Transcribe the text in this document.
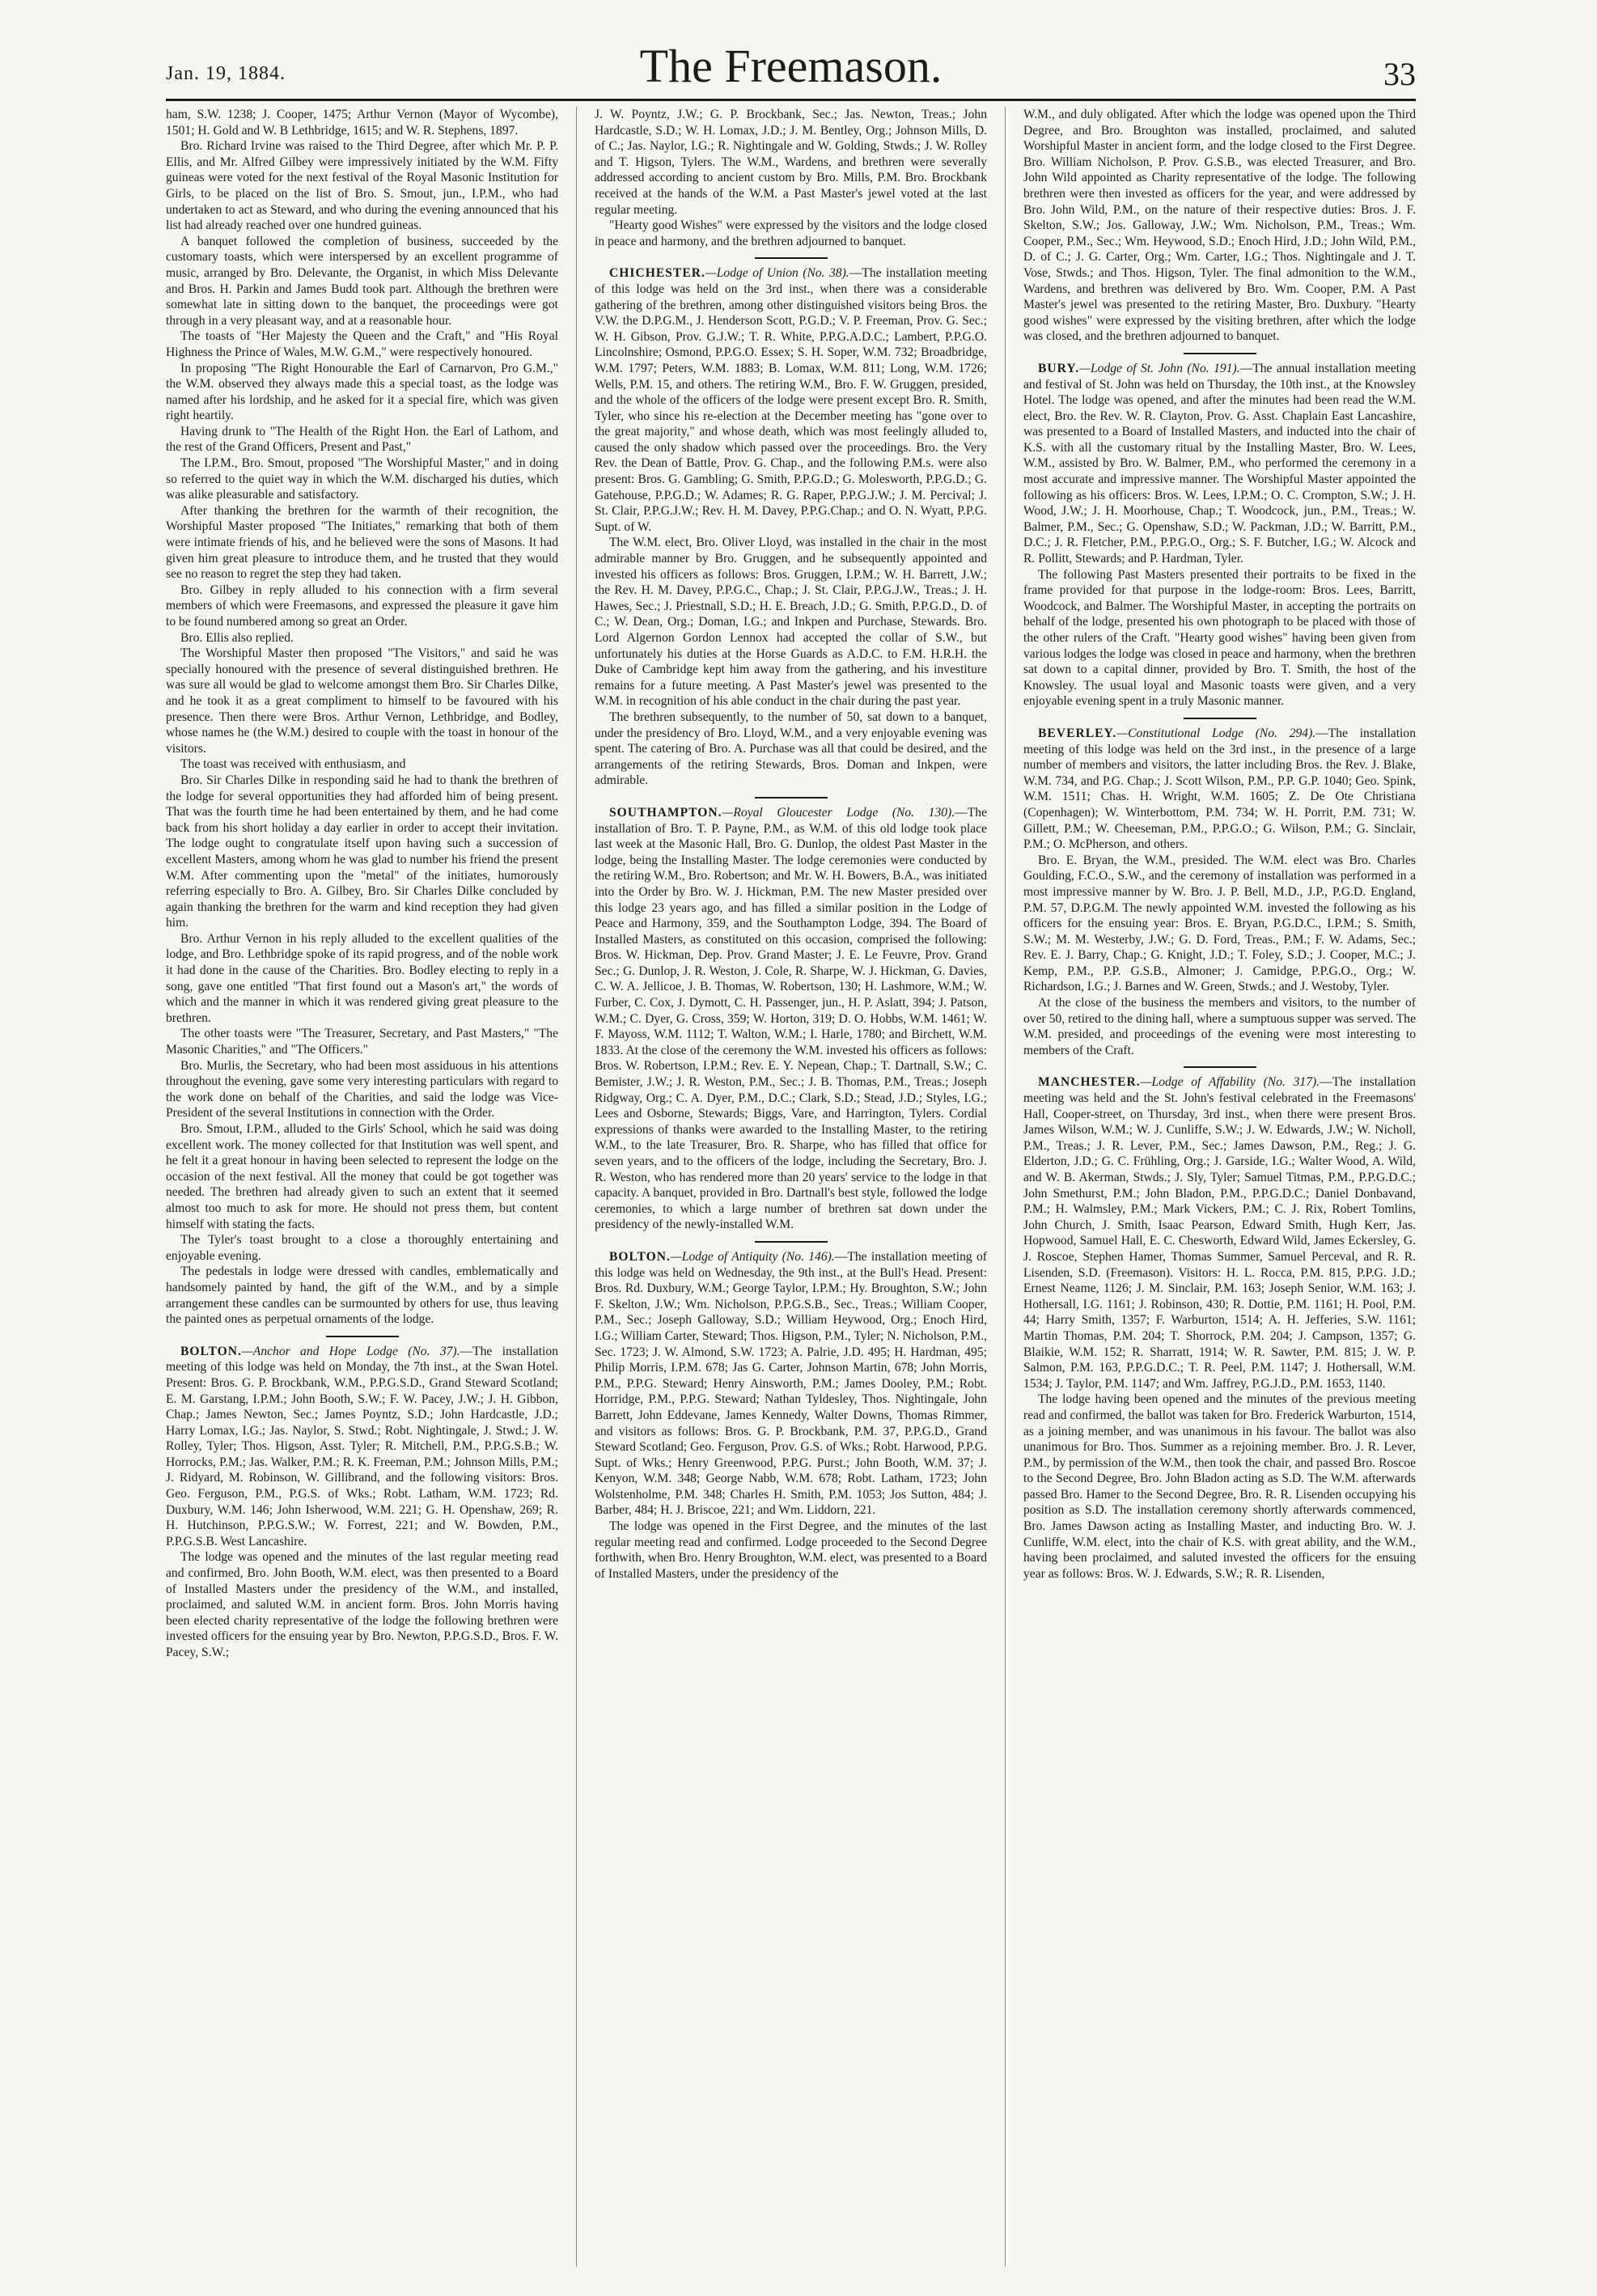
Jan. 19, 1884.	The Freemason.	33

ham, S.W. 1238; J. Cooper, 1475; Arthur Vernon (Mayor of Wycombe), 1501; H. Gold and W. B Lethbridge, 1615; and W. R. Stephens, 1897.

Bro. Richard Irvine was raised to the Third Degree, after which Mr. P. P. Ellis, and Mr. Alfred Gilbey were impressively initiated by the W.M. Fifty guineas were voted for the next festival of the Royal Masonic Institution for Girls, to be placed on the list of Bro. S. Smout, jun., I.P.M., who had undertaken to act as Steward, and who during the evening announced that his list had already reached over one hundred guineas.

A banquet followed the completion of business, succeeded by the customary toasts, which were interspersed by an excellent programme of music, arranged by Bro. Delevante, the Organist, in which Miss Delevante and Bros. H. Parkin and James Budd took part. Although the brethren were somewhat late in sitting down to the banquet, the proceedings were got through in a very pleasant way, and at a reasonable hour.

The toasts of "Her Majesty the Queen and the Craft," and "His Royal Highness the Prince of Wales, M.W. G.M.," were respectively honoured.

In proposing "The Right Honourable the Earl of Carnarvon, Pro G.M.," the W.M. observed they always made this a special toast, as the lodge was named after his lordship, and he asked for it a special fire, which was given right heartily.

Having drunk to "The Health of the Right Hon. the Earl of Lathom, and the rest of the Grand Officers, Present and Past,"

The I.P.M., Bro. Smout, proposed "The Worshipful Master," and in doing so referred to the quiet way in which the W.M. discharged his duties, which was alike pleasurable and satisfactory.

After thanking the brethren for the warmth of their recognition, the Worshipful Master proposed "The Initiates," remarking that both of them were intimate friends of his, and he believed were the sons of Masons. It had given him great pleasure to introduce them, and he trusted that they would see no reason to regret the step they had taken.

Bro. Gilbey in reply alluded to his connection with a firm several members of which were Freemasons, and expressed the pleasure it gave him to be found numbered among so great an Order.

Bro. Ellis also replied.

The Worshipful Master then proposed "The Visitors," and said he was specially honoured with the presence of several distinguished brethren. He was sure all would be glad to welcome amongst them Bro. Sir Charles Dilke, and he took it as a great compliment to himself to be favoured with his presence. Then there were Bros. Arthur Vernon, Lethbridge, and Bodley, whose names he (the W.M.) desired to couple with the toast in honour of the visitors.

The toast was received with enthusiasm, and

Bro. Sir Charles Dilke in responding said he had to thank the brethren of the lodge for several opportunities they had afforded him of being present. That was the fourth time he had been entertained by them, and he had come back from his short holiday a day earlier in order to accept their invitation. The lodge ought to congratulate itself upon having such a succession of excellent Masters, among whom he was glad to number his friend the present W.M. After commenting upon the "metal" of the initiates, humorously referring especially to Bro. A. Gilbey, Bro. Sir Charles Dilke concluded by again thanking the brethren for the warm and kind reception they had given him.

Bro. Arthur Vernon in his reply alluded to the excellent qualities of the lodge, and Bro. Lethbridge spoke of its rapid progress, and of the noble work it had done in the cause of the Charities. Bro. Bodley electing to reply in a song, gave one entitled "That first found out a Mason's art," the words of which and the manner in which it was rendered giving great pleasure to the brethren.

The other toasts were "The Treasurer, Secretary, and Past Masters," "The Masonic Charities," and "The Officers."

Bro. Murlis, the Secretary, who had been most assiduous in his attentions throughout the evening, gave some very interesting particulars with regard to the work done on behalf of the Charities, and said the lodge was Vice-President of the several Institutions in connection with the Order.

Bro. Smout, I.P.M., alluded to the Girls' School, which he said was doing excellent work. The money collected for that Institution was well spent, and he felt it a great honour in having been selected to represent the lodge on the occasion of the next festival. All the money that could be got together was needed. The brethren had already given to such an extent that it seemed almost too much to ask for more. He should not press them, but content himself with stating the facts.

The Tyler's toast brought to a close a thoroughly entertaining and enjoyable evening.

The pedestals in lodge were dressed with candles, emblematically and handsomely painted by hand, the gift of the W.M., and by a simple arrangement these candles can be surmounted by others for use, thus leaving the painted ones as perpetual ornaments of the lodge.

BOLTON.—Anchor and Hope Lodge (No. 37).—The installation meeting of this lodge was held on Monday, the 7th inst., at the Swan Hotel. Present: Bros. G. P. Brockbank, W.M., P.P.G.S.D., Grand Steward Scotland; E. M. Garstang, I.P.M.; John Booth, S.W.; F. W. Pacey, J.W.; J. H. Gibbon, Chap.; James Newton, Sec.; James Poyntz, S.D.; John Hardcastle, J.D.; Harry Lomax, I.G.; Jas. Naylor, S. Stwd.; Robt. Nightingale, J. Stwd.; J. W. Rolley, Tyler; Thos. Higson, Asst. Tyler; R. Mitchell, P.M., P.P.G.S.B.; W. Horrocks, P.M.; Jas. Walker, P.M.; R. K. Freeman, P.M.; Johnson Mills, P.M.; J. Ridyard, M. Robinson, W. Gillibrand, and the following visitors: Bros. Geo. Ferguson, P.M., P.G.S. of Wks.; Robt. Latham, W.M. 1723; Rd. Duxbury, W.M. 146; John Isherwood, W.M. 221; G. H. Openshaw, 269; R. H. Hutchinson, P.P.G.S.W.; W. Forrest, 221; and W. Bowden, P.M., P.P.G.S.B. West Lancashire.

The lodge was opened and the minutes of the last regular meeting read and confirmed, Bro. John Booth, W.M. elect, was then presented to a Board of Installed Masters under the presidency of the W.M., and installed, proclaimed, and saluted W.M. in ancient form. Bros. John Morris having been elected charity representative of the lodge the following brethren were invested officers for the ensuing year by Bro. Newton, P.P.G.S.D., Bros. F. W. Pacey, S.W.;

J. W. Poyntz, J.W.; G. P. Brockbank, Sec.; Jas. Newton, Treas.; John Hardcastle, S.D.; W. H. Lomax, J.D.; J. M. Bentley, Org.; Johnson Mills, D. of C.; Jas. Naylor, I.G.; R. Nightingale and W. Golding, Stwds.; J. W. Rolley and T. Higson, Tylers. The W.M., Wardens, and brethren were severally addressed according to ancient custom by Bro. Mills, P.M. Bro. Brockbank received at the hands of the W.M. a Past Master's jewel voted at the last regular meeting.

"Hearty good Wishes" were expressed by the visitors and the lodge closed in peace and harmony, and the brethren adjourned to banquet.

CHICHESTER.—Lodge of Union (No. 38).—The installation meeting of this lodge was held on the 3rd inst., when there was a considerable gathering of the brethren, among other distinguished visitors being Bros. the V.W. the D.P.G.M., J. Henderson Scott, P.G.D.; V. P. Freeman, Prov. G. Sec.; W. H. Gibson, Prov. G.J.W.; T. R. White, P.P.G.A.D.C.; Lambert, P.P.G.O. Lincolnshire; Osmond, P.P.G.O. Essex; S. H. Soper, W.M. 732; Broadbridge, W.M. 1797; Peters, W.M. 1883; B. Lomax, W.M. 811; Long, W.M. 1726; Wells, P.M. 15, and others. The retiring W.M., Bro. F. W. Gruggen, presided, and the whole of the officers of the lodge were present except Bro. R. Smith, Tyler, who since his re-election at the December meeting has "gone over to the great majority," and whose death, which was most feelingly alluded to, caused the only shadow which passed over the proceedings. Bro. the Very Rev. the Dean of Battle, Prov. G. Chap., and the following P.M.s. were also present: Bros. G. Gambling; G. Smith, P.P.G.D.; G. Molesworth, P.P.G.D.; G. Gatehouse, P.P.G.D.; W. Adames; R. G. Raper, P.P.G.J.W.; J. M. Percival; J. St. Clair, P.P.G.J.W.; Rev. H. M. Davey, P.P.G.Chap.; and O. N. Wyatt, P.P.G. Supt. of W.

The W.M. elect, Bro. Oliver Lloyd, was installed in the chair in the most admirable manner by Bro. Gruggen, and he subsequently appointed and invested his officers as follows: Bros. Gruggen, I.P.M.; W. H. Barrett, J.W.; the Rev. H. M. Davey, P.P.G.C., Chap.; J. St. Clair, P.P.G.J.W., Treas.; J. H. Hawes, Sec.; J. Priestnall, S.D.; H. E. Breach, J.D.; G. Smith, P.P.G.D., D. of C.; W. Dean, Org.; Doman, I.G.; and Inkpen and Purchase, Stewards. Bro. Lord Algernon Gordon Lennox had accepted the collar of S.W., but unfortunately his duties at the Horse Guards as A.D.C. to F.M. H.R.H. the Duke of Cambridge kept him away from the gathering, and his investiture remains for a future meeting. A Past Master's jewel was presented to the W.M. in recognition of his able conduct in the chair during the past year.

The brethren subsequently, to the number of 50, sat down to a banquet, under the presidency of Bro. Lloyd, W.M., and a very enjoyable evening was spent. The catering of Bro. A. Purchase was all that could be desired, and the arrangements of the retiring Stewards, Bros. Doman and Inkpen, were admirable.

SOUTHAMPTON.—Royal Gloucester Lodge (No. 130).—The installation of Bro. T. P. Payne, P.M., as W.M. of this old lodge took place last week at the Masonic Hall, Bro. G. Dunlop, the oldest Past Master in the lodge, being the Installing Master. The lodge ceremonies were conducted by the retiring W.M., Bro. Robertson; and Mr. W. H. Bowers, B.A., was initiated into the Order by Bro. W. J. Hickman, P.M. The new Master presided over this lodge 23 years ago, and has filled a similar position in the Lodge of Peace and Harmony, 359, and the Southampton Lodge, 394. The Board of Installed Masters, as constituted on this occasion, comprised the following: Bros. W. Hickman, Dep. Prov. Grand Master; J. E. Le Feuvre, Prov. Grand Sec.; G. Dunlop, J. R. Weston, J. Cole, R. Sharpe, W. J. Hickman, G. Davies, C. W. A. Jellicoe, J. B. Thomas, W. Robertson, 130; H. Lashmore, W.M.; W. Furber, C. Cox, J. Dymott, C. H. Passenger, jun., H. P. Aslatt, 394; J. Patson, W.M.; C. Dyer, G. Cross, 359; W. Horton, 319; D. O. Hobbs, W.M. 1461; W. F. Mayoss, W.M. 1112; T. Walton, W.M.; I. Harle, 1780; and Birchett, W.M. 1833. At the close of the ceremony the W.M. invested his officers as follows: Bros. W. Robertson, I.P.M.; Rev. E. Y. Nepean, Chap.; T. Dartnall, S.W.; C. Bemister, J.W.; J. R. Weston, P.M., Sec.; J. B. Thomas, P.M., Treas.; Joseph Ridgway, Org.; C. A. Dyer, P.M., D.C.; Clark, S.D.; Stead, J.D.; Styles, I.G.; Lees and Osborne, Stewards; Biggs, Vare, and Harrington, Tylers. Cordial expressions of thanks were awarded to the Installing Master, to the retiring W.M., to the late Treasurer, Bro. R. Sharpe, who has filled that office for seven years, and to the officers of the lodge, including the Secretary, Bro. J. R. Weston, who has rendered more than 20 years' service to the lodge in that capacity. A banquet, provided in Bro. Dartnall's best style, followed the lodge ceremonies, to which a large number of brethren sat down under the presidency of the newly-installed W.M.

BOLTON.—Lodge of Antiquity (No. 146).—The installation meeting of this lodge was held on Wednesday, the 9th inst., at the Bull's Head. Present: Bros. Rd. Duxbury, W.M.; George Taylor, I.P.M.; Hy. Broughton, S.W.; John F. Skelton, J.W.; Wm. Nicholson, P.P.G.S.B., Sec., Treas.; William Cooper, P.M., Sec.; Joseph Galloway, S.D.; William Heywood, Org.; Enoch Hird, I.G.; William Carter, Steward; Thos. Higson, P.M., Tyler; N. Nicholson, P.M., Sec. 1723; J. W. Almond, S.W. 1723; A. Palrie, J.D. 495; H. Hardman, 495; Philip Morris, I.P.M. 678; Jas G. Carter, Johnson Martin, 678; John Morris, P.M., P.P.G. Steward; Henry Ainsworth, P.M.; James Dooley, P.M.; Robt. Horridge, P.M., P.P.G. Steward; Nathan Tyldesley, Thos. Nightingale, John Barrett, John Eddevane, James Kennedy, Walter Downs, Thomas Rimmer, and visitors as follows: Bros. G. P. Brockbank, P.M. 37, P.P.G.D., Grand Steward Scotland; Geo. Ferguson, Prov. G.S. of Wks.; Robt. Harwood, P.P.G. Supt. of Wks.; Henry Greenwood, P.P.G. Purst.; John Booth, W.M. 37; J. Kenyon, W.M. 348; George Nabb, W.M. 678; Robt. Latham, 1723; John Wolstenholme, P.M. 348; Charles H. Smith, P.M. 1053; Jos Sutton, 484; J. Barber, 484; H. J. Briscoe, 221; and Wm. Liddorn, 221.

The lodge was opened in the First Degree, and the minutes of the last regular meeting read and confirmed. Lodge proceeded to the Second Degree forthwith, when Bro. Henry Broughton, W.M. elect, was presented to a Board of Installed Masters, under the presidency of the

W.M., and duly obligated. After which the lodge was opened upon the Third Degree, and Bro. Broughton was installed, proclaimed, and saluted Worshipful Master in ancient form, and the lodge closed to the First Degree. Bro. William Nicholson, P. Prov. G.S.B., was elected Treasurer, and Bro. John Wild appointed as Charity representative of the lodge. The following brethren were then invested as officers for the year, and were addressed by Bro. John Wild, P.M., on the nature of their respective duties: Bros. J. F. Skelton, S.W.; Jos. Galloway, J.W.; Wm. Nicholson, P.M., Treas.; Wm. Cooper, P.M., Sec.; Wm. Heywood, S.D.; Enoch Hird, J.D.; John Wild, P.M., D. of C.; J. G. Carter, Org.; Wm. Carter, I.G.; Thos. Nightingale and J. T. Vose, Stwds.; and Thos. Higson, Tyler. The final admonition to the W.M., Wardens, and brethren was delivered by Bro. Wm. Cooper, P.M. A Past Master's jewel was presented to the retiring Master, Bro. Duxbury. "Hearty good wishes" were expressed by the visiting brethren, after which the lodge was closed, and the brethren adjourned to banquet.

BURY.—Lodge of St. John (No. 191).—The annual installation meeting and festival of St. John was held on Thursday, the 10th inst., at the Knowsley Hotel. The lodge was opened, and after the minutes had been read the W.M. elect, Bro. the Rev. W. R. Clayton, Prov. G. Asst. Chaplain East Lancashire, was presented to a Board of Installed Masters, and inducted into the chair of K.S. with all the customary ritual by the Installing Master, Bro. W. Lees, W.M., assisted by Bro. W. Balmer, P.M., who performed the ceremony in a most accurate and impressive manner. The Worshipful Master appointed the following as his officers: Bros. W. Lees, I.P.M.; O. C. Crompton, S.W.; J. H. Wood, J.W.; J. H. Moorhouse, Chap.; T. Woodcock, jun., P.M., Treas.; W. Balmer, P.M., Sec.; G. Openshaw, S.D.; W. Packman, J.D.; W. Barritt, P.M., D.C.; J. R. Fletcher, P.M., P.P.G.O., Org.; S. F. Butcher, I.G.; W. Alcock and R. Pollitt, Stewards; and P. Hardman, Tyler.

The following Past Masters presented their portraits to be fixed in the frame provided for that purpose in the lodge-room: Bros. Lees, Barritt, Woodcock, and Balmer. The Worshipful Master, in accepting the portraits on behalf of the lodge, presented his own photograph to be placed with those of the other rulers of the Craft. "Hearty good wishes" having been given from various lodges the lodge was closed in peace and harmony, when the brethren sat down to a capital dinner, provided by Bro. T. Smith, the host of the Knowsley. The usual loyal and Masonic toasts were given, and a very enjoyable evening spent in a truly Masonic manner.

BEVERLEY.—Constitutional Lodge (No. 294).—The installation meeting of this lodge was held on the 3rd inst., in the presence of a large number of members and visitors, the latter including Bros. the Rev. J. Blake, W.M. 734, and P.G. Chap.; J. Scott Wilson, P.M., P.P. G.P. 1040; Geo. Spink, W.M. 1511; Chas. H. Wright, W.M. 1605; Z. De Ote Christiana (Copenhagen); W. Winterbottom, P.M. 734; W. H. Porrit, P.M. 731; W. Gillett, P.M.; W. Cheeseman, P.M., P.P.G.O.; G. Wilson, P.M.; G. Sinclair, P.M.; O. McPherson, and others.

Bro. E. Bryan, the W.M., presided. The W.M. elect was Bro. Charles Goulding, F.C.O., S.W., and the ceremony of installation was performed in a most impressive manner by W. Bro. J. P. Bell, M.D., J.P., P.G.D. England, P.M. 57, D.P.G.M. The newly appointed W.M. invested the following as his officers for the ensuing year: Bros. E. Bryan, P.G.D.C., I.P.M.; S. Smith, S.W.; M. M. Westerby, J.W.; G. D. Ford, Treas., P.M.; F. W. Adams, Sec.; Rev. E. J. Barry, Chap.; G. Knight, J.D.; T. Foley, S.D.; J. Cooper, M.C.; J. Kemp, P.M., P.P. G.S.B., Almoner; J. Camidge, P.P.G.O., Org.; W. Richardson, I.G.; J. Barnes and W. Green, Stwds.; and J. Westoby, Tyler.

At the close of the business the members and visitors, to the number of over 50, retired to the dining hall, where a sumptuous supper was served. The W.M. presided, and proceedings of the evening were most interesting to members of the Craft.

MANCHESTER.—Lodge of Affability (No. 317).—The installation meeting was held and the St. John's festival celebrated in the Freemasons' Hall, Cooper-street, on Thursday, 3rd inst., when there were present Bros. James Wilson, W.M.; W. J. Cunliffe, S.W.; J. W. Edwards, J.W.; W. Nicholl, P.M., Treas.; J. R. Lever, P.M., Sec.; James Dawson, P.M., Reg.; J. G. Elderton, J.D.; G. C. Frühling, Org.; J. Garside, I.G.; Walter Wood, A. Wild, and W. B. Akerman, Stwds.; J. Sly, Tyler; Samuel Titmas, P.M., P.P.G.D.C.; John Smethurst, P.M.; John Bladon, P.M., P.P.G.D.C.; Daniel Donbavand, P.M.; H. Walmsley, P.M.; Mark Vickers, P.M.; C. J. Rix, Robert Tomlins, John Church, J. Smith, Isaac Pearson, Edward Smith, Hugh Kerr, Jas. Hopwood, Samuel Hall, E. C. Chesworth, Edward Wild, James Eckersley, G. J. Roscoe, Stephen Hamer, Thomas Summer, Samuel Perceval, and R. R. Lisenden, S.D. (Freemason). Visitors: H. L. Rocca, P.M. 815, P.P.G. J.D.; Ernest Neame, 1126; J. M. Sinclair, P.M. 163; Joseph Senior, W.M. 163; J. Hothersall, I.G. 1161; J. Robinson, 430; R. Dottie, P.M. 1161; H. Pool, P.M. 44; Harry Smith, 1357; F. Warburton, 1514; A. H. Jefferies, S.W. 1161; Martin Thomas, P.M. 204; T. Shorrock, P.M. 204; J. Campson, 1357; G. Blaikie, W.M. 152; R. Sharratt, 1914; W. R. Sawter, P.M. 815; J. W. P. Salmon, P.M. 163, P.P.G.D.C.; T. R. Peel, P.M. 1147; J. Hothersall, W.M. 1534; J. Taylor, P.M. 1147; and Wm. Jaffrey, P.G.J.D., P.M. 1653, 1140.

The lodge having been opened and the minutes of the previous meeting read and confirmed, the ballot was taken for Bro. Frederick Warburton, 1514, as a joining member, and was unanimous in his favour. The ballot was also unanimous for Bro. Thos. Summer as a rejoining member. Bro. J. R. Lever, P.M., by permission of the W.M., then took the chair, and passed Bro. Roscoe to the Second Degree, Bro. John Bladon acting as S.D. The W.M. afterwards passed Bro. Hamer to the Second Degree, Bro. R. R. Lisenden occupying his position as S.D. The installation ceremony shortly afterwards commenced, Bro. James Dawson acting as Installing Master, and inducting Bro. W. J. Cunliffe, W.M. elect, into the chair of K.S. with great ability, and the W.M., having been proclaimed, and saluted invested the officers for the ensuing year as follows: Bros. W. J. Edwards, S.W.; R. R. Lisenden,
